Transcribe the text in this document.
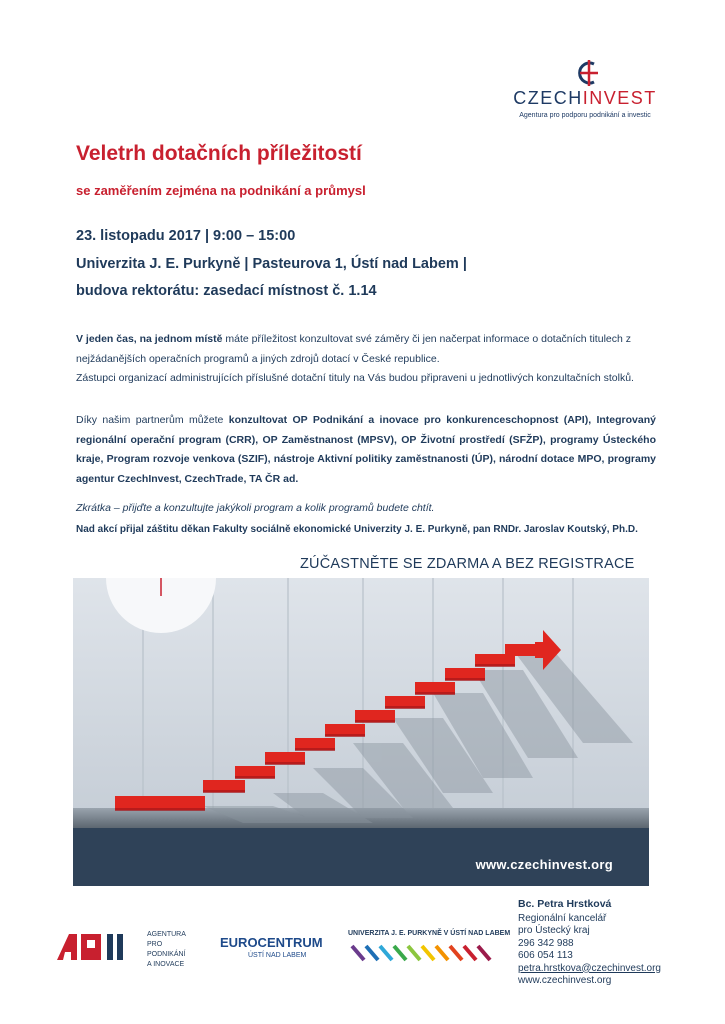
CZECHINVEST
Agentura pro podporu podnikání a investic
Veletrh dotačních příležitostí
se zaměřením zejména na podnikání a průmysl
23. listopadu 2017 | 9:00 – 15:00
Univerzita J. E. Purkyně | Pasteurova 1, Ústí nad Labem |
budova rektorátu: zasedací místnost č. 1.14
V jeden čas, na jednom místě máte příležitost konzultovat své záměry či jen načerpat informace o dotačních titulech z nejžádanějších operačních programů a jiných zdrojů dotací v České republice.
Zástupci organizací administrujících příslušné dotační tituly na Vás budou připraveni u jednotlivých konzultačních stolků.
Díky našim partnerům můžete konzultovat OP Podnikání a inovace pro konkurenceschopnost (API), Integrovaný regionální operační program (CRR), OP Zaměstnanost (MPSV), OP Životní prostředí (SFŽP), programy Ústeckého kraje, Program rozvoje venkova (SZIF), nástroje Aktivní politiky zaměstnanosti (ÚP), národní dotace MPO, programy agentur CzechInvest, CzechTrade, TA ČR ad.
Zkrátka – přijďte a konzultujte jakýkoli program a kolik programů budete chtít.
Nad akcí přijal záštitu děkan Fakulty sociálně ekonomické Univerzity J. E. Purkyně, pan RNDr. Jaroslav Koutský, Ph.D.
ZÚČASTNĚTE SE ZDARMA A BEZ REGISTRACE
www.czechinvest.org
AGENTURA
PRO PODNIKÁNÍ
A INOVACE
EUROCENTRUM
ÚSTÍ NAD LABEM
UNIVERZITA J. E. PURKYNĚ V ÚSTÍ NAD LABEM
Bc. Petra Hrstková
Regionální kancelář
pro Ústecký kraj
296 342 988
606 054 113
petra.hrstkova@czechinvest.org
www.czechinvest.org
